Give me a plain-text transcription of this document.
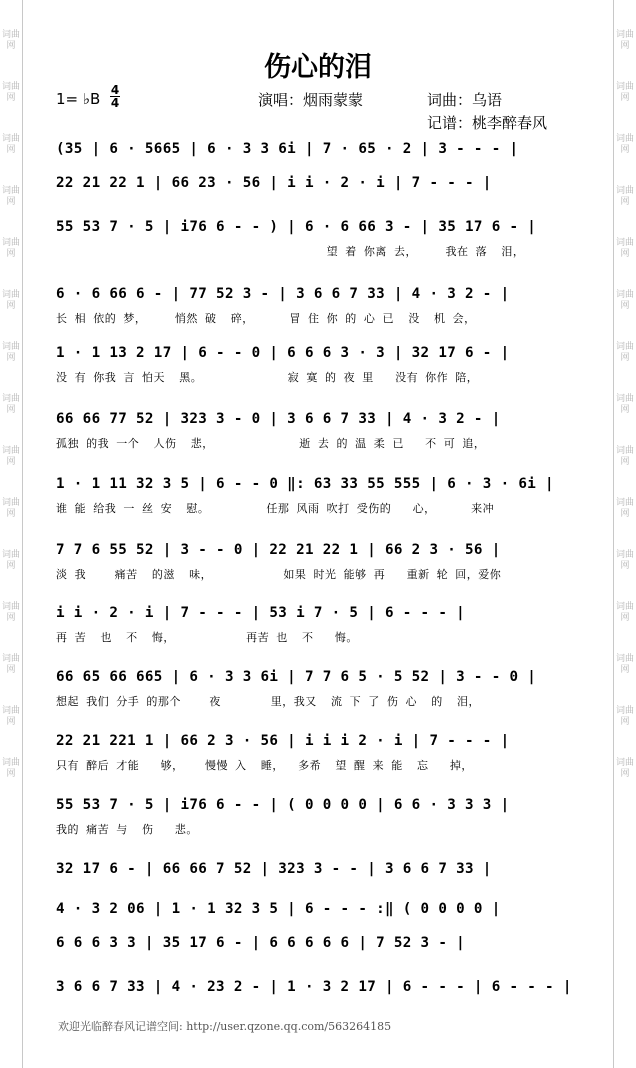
词曲网
词曲网
词曲网
词曲网
词曲网
词曲网
词曲网
词曲网
词曲网
词曲网
词曲网
词曲网
词曲网
词曲网
词曲网
词曲网
词曲网
词曲网
词曲网
词曲网
词曲网
词曲网
词曲网
词曲网
词曲网
词曲网
词曲网
词曲网
词曲网
词曲网
伤心的泪
1= ♭B 4
4	演唱：烟雨蒙蒙	词曲：乌语
记谱：桃李醉春风
(35 | 6 · 5665 | 6 · 3 3 6i | 7 · 65 · 2 | 3 - - - |
22 21 22 1 | 66 23 · 56 | i i · 2 · i | 7 - - - |
55 53 7 · 5 | i76 6 - - ) | 6 · 6 66 3 - | 35 17 6 - |
望 着 你离 去，    我在 落  泪，
6 · 6 66 6 - | 77 52 3 - | 3 6 6 7 33 | 4 · 3 2 - |
长 相 依的 梦，    悄然 破  碎，     冒 住 你 的 心 已  没  机 会，
1 · 1 13 2 17 | 6 - - 0 | 6 6 6 3 · 3 | 32 17 6 - |
没 有 你我 言 怕天  黑。            寂 寞 的 夜 里   没有 你作 陪，
66 66 77 52 | 323 3 - 0 | 3 6 6 7 33 | 4 · 3 2 - |
孤独 的我 一个  人伤  悲，            逝 去 的 温 柔 已   不 可 追，
1 · 1 11 32 3 5 | 6 - - 0 ‖: 63 33 55 555 | 6 · 3 · 6i |
谁 能 给我 一 丝 安  慰。        任那 风雨 吹打 受伤的   心，     来冲
7 7 6 55 52 | 3 - - 0 | 22 21 22 1 | 66 2 3 · 56 |
淡 我    痛苦  的滋  味，          如果 时光 能够 再   重新 轮 回，爱你
i i · 2 · i | 7 - - - | 53 i 7 · 5 | 6 - - - |
再 苦  也  不  悔，          再苦 也  不   悔。
66 65 66 665 | 6 · 3 3 6i | 7 7 6 5 · 5 52 | 3 - - 0 |
想起 我们 分手 的那个    夜       里，我又  流 下 了 伤 心  的  泪，
22 21 221 1 | 66 2 3 · 56 | i i i 2 · i | 7 - - - |
只有 醉后 才能   够，   慢慢 入  睡，  多希  望 醒 来 能  忘   掉，
55 53 7 · 5 | i76 6 - - | ( 0 0 0 0 | 6 6 · 3 3 3 |
我的 痛苦 与  伤   悲。
32 17 6 - | 66 66 7 52 | 323 3 - - | 3 6 6 7 33 |
4 · 3 2 06 | 1 · 1 32 3 5 | 6 - - - :‖ ( 0 0 0 0 |
6 6 6 3 3 | 35 17 6 - | 6 6 6 6 6 | 7 52 3 - |
3 6 6 7 33 | 4 · 23 2 - | 1 · 3 2 17 | 6 - - - | 6 - - - |
欢迎光临醉春风记谱空间: http://user.qzone.qq.com/563264185
